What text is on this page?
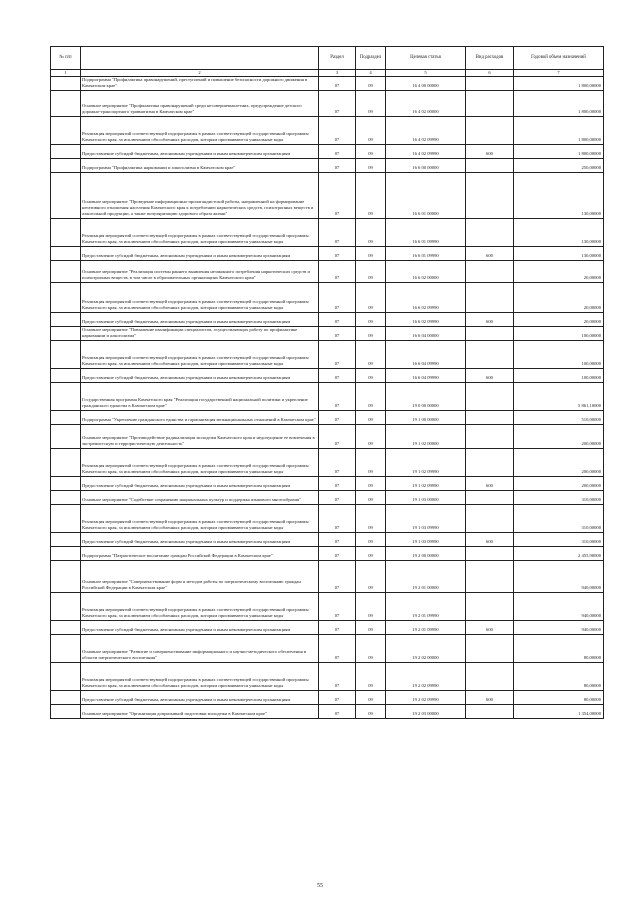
№ п/п		Раздел	Подраздел	Целевая статья	Вид расходов	Годовой объем назначений
1	2	3	4	5	6	7
	Подпрограмма "Профилактика правонарушений, преступлений и повышение безопасности дорожного движения в Камчатском крае"	07	09	16 4 00 00000		1 800,00000
	Основное мероприятие "Профилактика правонарушений среди несовершеннолетних, предупреждение детского дорожно-транспортного травматизма в Камчатском крае"	07	09	16 4 02 00000		1 800,00000
	Реализация мероприятий соответствующей подпрограммы в рамках соответствующей государственной программы Камчатского края, за исключением обособленных расходов, которым присваиваются уникальные коды	07	09	16 4 02 09990		1 800,00000
	Предоставление субсидий бюджетным, автономным учреждениям и иным некоммерческим организациям	07	09	16 4 02 09990	600	1 800,00000
	Подпрограмма "Профилактика наркомании и алкоголизма в Камчатском крае"	07	09	16 6 00 00000		250,00000
	Основное мероприятие "Проведение информационно-пропагандистской работы, направленной на формирование негативного отношения населения Камчатского края к потреблению наркотических средств, психотропных веществ и алкогольной продукции, а также популяризацию здорового образа жизни"	07	09	16 6 01 00000		130,00000
	Реализация мероприятий соответствующей подпрограммы в рамках соответствующей государственной программы Камчатского края, за исключением обособленных расходов, которым присваиваются уникальные коды	07	09	16 6 01 09990		130,00000
	Предоставление субсидий бюджетным, автономным учреждениям и иным некоммерческим организациям	07	09	16 6 01 09990	600	130,00000
	Основное мероприятие "Реализация системы раннего выявления незаконного потребления наркотических средств и психотропных веществ, в том числе в образовательных организациях Камчатского края"	07	09	16 6 02 00000		20,00000
	Реализация мероприятий соответствующей подпрограммы в рамках соответствующей государственной программы Камчатского края, за исключением обособленных расходов, которым присваиваются уникальные коды	07	09	16 6 02 09990		20,00000
	Предоставление субсидий бюджетным, автономным учреждениям и иным некоммерческим организациям	07	09	16 6 02 09990	600	20,00000
	Основное мероприятие "Повышение квалификации специалистов, осуществляющих работу по профилактике наркомании и алкоголизма"	07	09	16 6 04 00000		100,00000
	Реализация мероприятий соответствующей подпрограммы в рамках соответствующей государственной программы Камчатского края, за исключением обособленных расходов, которым присваиваются уникальные коды	07	09	16 6 04 09990		100,00000
	Предоставление субсидий бюджетным, автономным учреждениям и иным некоммерческим организациям	07	09	16 6 04 09990	600	100,00000
	Государственная программа Камчатского края "Реализация государственной национальной политики и укрепление гражданского единства в Камчатском крае"	07	09	19 0 00 00000		5 861,10000
	Подпрограмма "Укрепление гражданского единства и гармонизация межнациональных отношений в Камчатском крае"	07	09	19 1 00 00000		510,00000
	Основное мероприятие "Противодействие радикализации молодежи Камчатского края и недопущение ее вовлечения в экстремистскую и террористическую деятельность"	07	09	19 1 02 00000		200,00000
	Реализация мероприятий соответствующей подпрограммы в рамках соответствующей государственной программы Камчатского края, за исключением обособленных расходов, которым присваиваются уникальные коды	07	09	19 1 02 09990		200,00000
	Предоставление субсидий бюджетным, автономным учреждениям и иным некоммерческим организациям	07	09	19 1 02 09990	600	200,00000
	Основное мероприятие "Содействие сохранению национальных культур и поддержка языкового многообразия"	07	09	19 1 03 00000		310,00000
	Реализация мероприятий соответствующей подпрограммы в рамках соответствующей государственной программы Камчатского края, за исключением обособленных расходов, которым присваиваются уникальные коды	07	09	19 1 03 09990		310,00000
	Предоставление субсидий бюджетным, автономным учреждениям и иным некоммерческим организациям	07	09	19 1 03 09990	600	310,00000
	Подпрограмма "Патриотическое воспитание граждан Российской Федерации в Камчатском крае"	07	09	19 2 00 00000		2 455,90000
	Основное мероприятие "Совершенствование форм и методов работы по патриотическому воспитанию граждан Российской Федерации в Камчатском крае"	07	09	19 2 01 00000		940,00000
	Реализация мероприятий соответствующей подпрограммы в рамках соответствующей государственной программы Камчатского края, за исключением обособленных расходов, которым присваиваются уникальные коды	07	09	19 2 01 09990		940,00000
	Предоставление субсидий бюджетным, автономным учреждениям и иным некоммерческим организациям	07	09	19 2 01 09990	600	940,00000
	Основное мероприятие "Развитие и совершенствование информационного и научно-методического обеспечения в области патриотического воспитания"	07	09	19 2 02 00000		80,00000
	Реализация мероприятий соответствующей подпрограммы в рамках соответствующей государственной программы Камчатского края, за исключением обособленных расходов, которым присваиваются уникальные коды	07	09	19 2 02 09990		80,00000
	Предоставление субсидий бюджетным, автономным учреждениям и иным некоммерческим организациям	07	09	19 2 02 09990	600	80,00000
	Основное мероприятие "Организация допризывной подготовки молодежи в Камчатском крае"	07	09	19 2 03 00000		1 354,00000
55
